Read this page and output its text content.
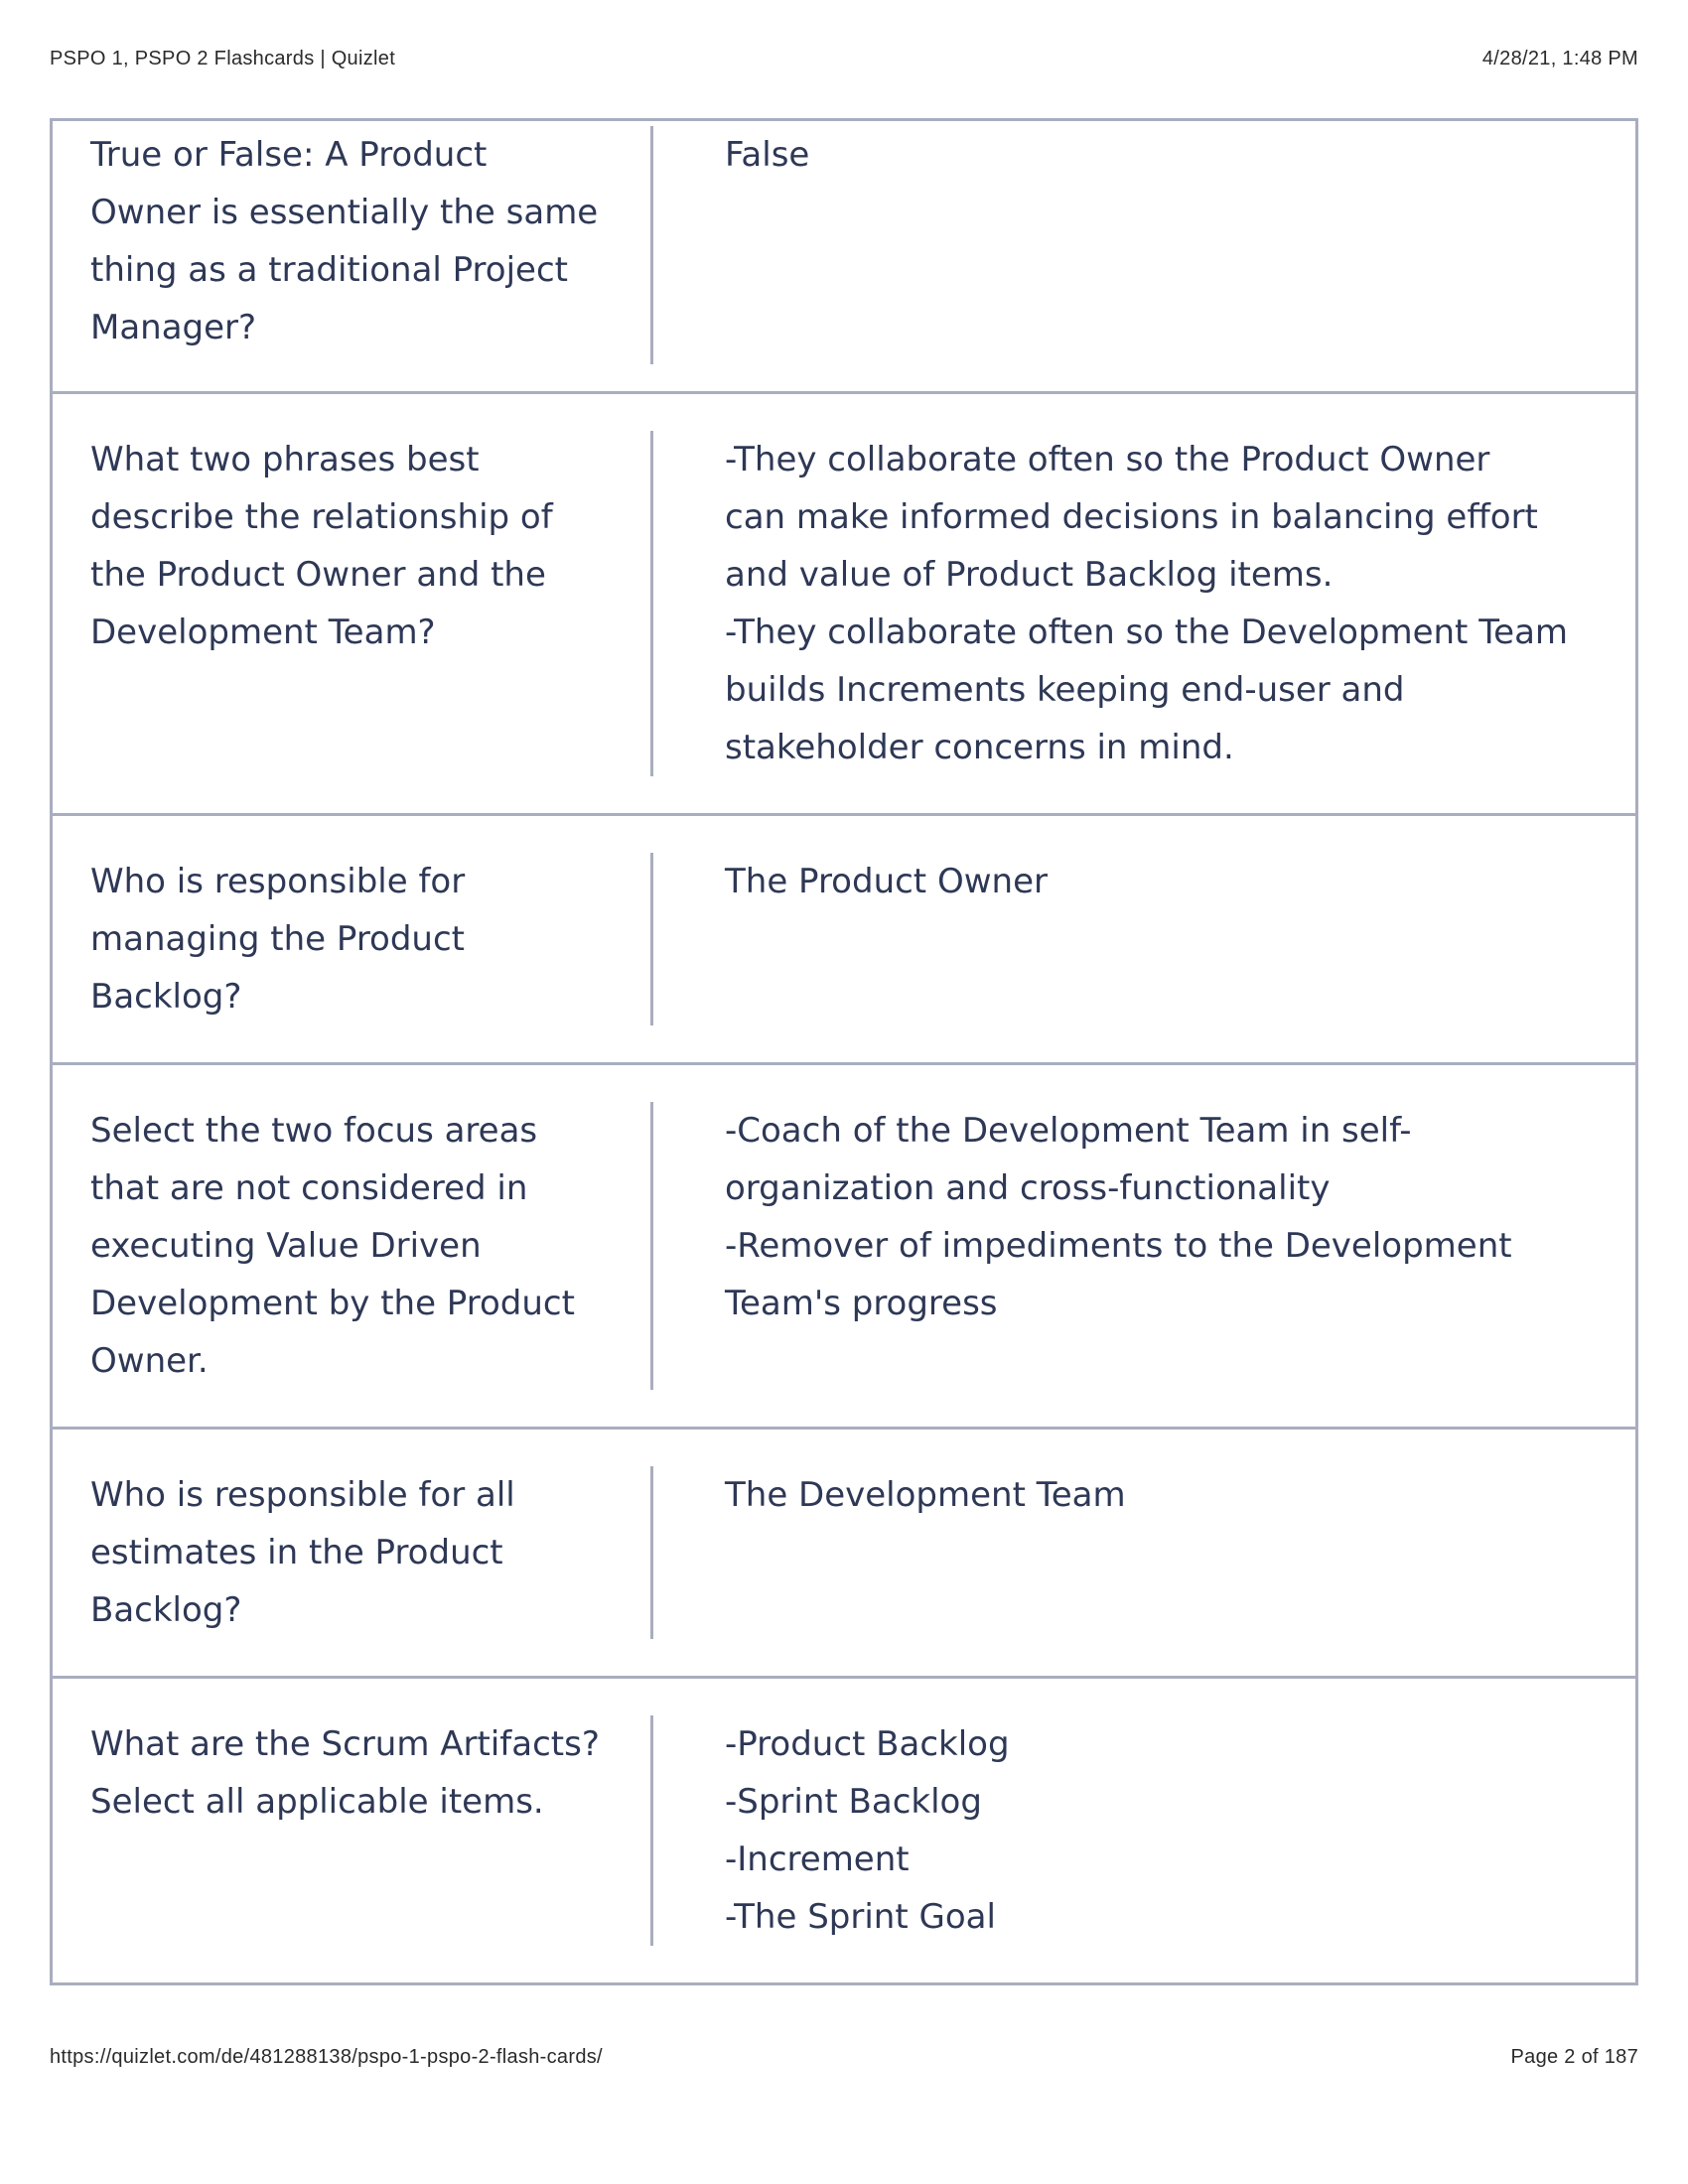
PSPO 1, PSPO 2 Flashcards | Quizlet	4/28/21, 1:48 PM
True or False: A Product
Owner is essentially the same
thing as a traditional Project
Manager?
False
What two phrases best
describe the relationship of
the Product Owner and the
Development Team?
-They collaborate often so the Product Owner
can make informed decisions in balancing effort
and value of Product Backlog items.
-They collaborate often so the Development Team
builds Increments keeping end-user and
stakeholder concerns in mind.
Who is responsible for
managing the Product
Backlog?
The Product Owner
Select the two focus areas
that are not considered in
executing Value Driven
Development by the Product
Owner.
-Coach of the Development Team in self-
organization and cross-functionality
-Remover of impediments to the Development
Team's progress
Who is responsible for all
estimates in the Product
Backlog?
The Development Team
What are the Scrum Artifacts?
Select all applicable items.
-Product Backlog
-Sprint Backlog
-Increment
-The Sprint Goal
https://quizlet.com/de/481288138/pspo-1-pspo-2-flash-cards/	Page 2 of 187
